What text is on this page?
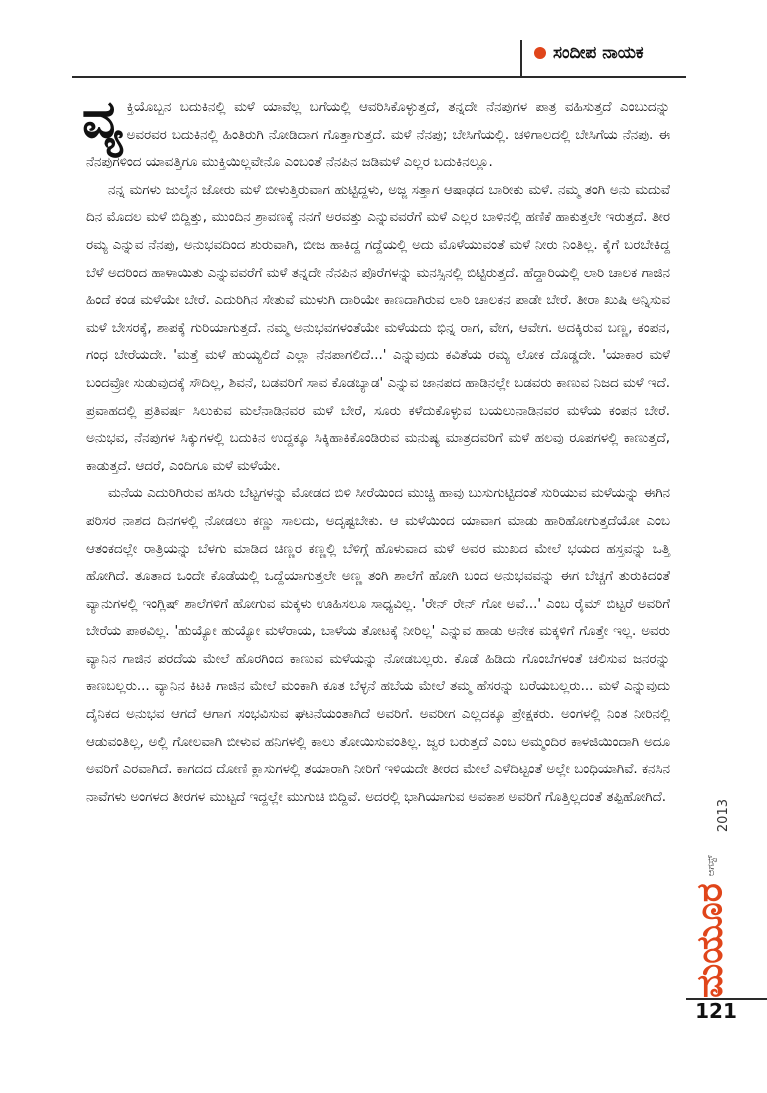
ಸಂದೀಪ ನಾಯಕ

ವ್ಯ ಕ್ತಿಯೊಬ್ಬನ ಬದುಕಿನಲ್ಲಿ ಮಳೆ ಯಾವೆಲ್ಲ ಬಗೆಯಲ್ಲಿ ಆವರಿಸಿಕೊಳ್ಳುತ್ತದೆ, ತನ್ನದೇ ನೆನಪುಗಳ ಪಾತ್ರ ವಹಿಸುತ್ತದೆ ಎಂಬುದನ್ನು ಅವರವರ ಬದುಕಿನಲ್ಲಿ ಹಿಂತಿರುಗಿ ನೋಡಿದಾಗ ಗೊತ್ತಾಗುತ್ತದೆ. ಮಳೆ ನೆನಪು; ಬೇಸಿಗೆಯಲ್ಲಿ. ಚಳಿಗಾಲದಲ್ಲಿ ಬೇಸಿಗೆಯ ನೆನಪು. ಈ ನೆನಪುಗಳಿಂದ ಯಾವತ್ತಿಗೂ ಮುಕ್ತಿಯಿಲ್ಲವೇನೊ ಎಂಬಂತೆ ನೆನಪಿನ ಜಡಿಮಳೆ ಎಲ್ಲರ ಬದುಕಿನಲ್ಲೂ.

ನನ್ನ ಮಗಳು ಜುಲೈನ ಜೋರು ಮಳೆ ಬೀಳುತ್ತಿರುವಾಗ ಹುಟ್ಟಿದ್ದಳು, ಅಜ್ಜ ಸತ್ತಾಗ ಆಷಾಢದ ಬಾರೀಕು ಮಳೆ. ನಮ್ಮ ತಂಗಿ ಅನು ಮದುವೆ ದಿನ ಮೊದಲ ಮಳೆ ಬಿದ್ದಿತ್ತು, ಮುಂದಿನ ಶ್ರಾವಣಕ್ಕೆ ನನಗೆ ಅರವತ್ತು ಎನ್ನುವವರೆಗೆ ಮಳೆ ಎಲ್ಲರ ಬಾಳಿನಲ್ಲಿ ಹಣಿಕೆ ಹಾಕುತ್ತಲೇ ಇರುತ್ತದೆ. ತೀರ ರಮ್ಯ ಎನ್ನುವ ನೆನಪು, ಅನುಭವದಿಂದ ಶುರುವಾಗಿ, ಬೀಜ ಹಾಕಿದ್ದ ಗದ್ದೆಯಲ್ಲಿ ಅದು ಮೊಳೆಯುವಂತೆ ಮಳೆ ನೀರು ನಿಂತಿಲ್ಲ. ಕೈಗೆ ಬರಬೇಕಿದ್ದ ಬೆಳೆ ಅದರಿಂದ ಹಾಳಾಯಿತು ಎನ್ನುವವರೆಗೆ ಮಳೆ ತನ್ನದೇ ನೆನಪಿನ ಪೊರೆಗಳನ್ನು ಮನಸ್ಸಿನಲ್ಲಿ ಬಿಟ್ಟಿರುತ್ತದೆ. ಹೆದ್ದಾರಿಯಲ್ಲಿ ಲಾರಿ ಚಾಲಕ ಗಾಜಿನ ಹಿಂದೆ ಕಂಡ ಮಳೆಯೇ ಬೇರೆ. ಎದುರಿಗಿನ ಸೇತುವೆ ಮುಳುಗಿ ದಾರಿಯೇ ಕಾಣದಾಗಿರುವ ಲಾರಿ ಚಾಲಕನ ಪಾಡೇ ಬೇರೆ. ತೀರಾ ಖುಷಿ ಅನ್ನಿಸುವ ಮಳೆ ಬೇಸರಕ್ಕೆ, ಶಾಪಕ್ಕೆ ಗುರಿಯಾಗುತ್ತದೆ. ನಮ್ಮ ಅನುಭವಗಳಂತೆಯೇ ಮಳೆಯದು ಭಿನ್ನ ರಾಗ, ವೇಗ, ಆವೇಗ. ಅದಕ್ಕಿರುವ ಬಣ್ಣ, ಕಂಪನ, ಗಂಧ ಬೇರೆಯದೇ. 'ಮತ್ತೆ ಮಳೆ ಹುಯ್ಯಲಿದೆ ಎಲ್ಲಾ ನೆನಪಾಗಲಿದೆ...' ಎನ್ನುವುದು ಕವಿತೆಯ ರಮ್ಯ ಲೋಕ ದೊಡ್ಡದೇ. 'ಯಾಕಾರ ಮಳೆ ಬಂದವ್ರೋ ಸುಡುವುದಕ್ಕೆ ಸೌದಿಲ್ಲ, ಶಿವನೆ, ಬಡವರಿಗೆ ಸಾವ ಕೊಡಬ್ಯಾಡ' ಎನ್ನುವ ಜಾನಪದ ಹಾಡಿನಲ್ಲೇ ಬಡವರು ಕಾಣುವ ನಿಜದ ಮಳೆ ಇದೆ. ಪ್ರವಾಹದಲ್ಲಿ ಪ್ರತಿವರ್ಷ ಸಿಲುಕುವ ಮಲೆನಾಡಿನವರ ಮಳೆ ಬೇರೆ, ಸೂರು ಕಳೆದುಕೊಳ್ಳುವ ಬಯಲುನಾಡಿನವರ ಮಳೆಯ ಕಂಪನ ಬೇರೆ. ಅನುಭವ, ನೆನಪುಗಳ ಸಿಕ್ಕುಗಳಲ್ಲಿ ಬದುಕಿನ ಉದ್ದಕ್ಕೂ ಸಿಕ್ಕಿಹಾಕಿಕೊಂಡಿರುವ ಮನುಷ್ಯ ಮಾತ್ರದವರಿಗೆ ಮಳೆ ಹಲವು ರೂಪಗಳಲ್ಲಿ ಕಾಣುತ್ತದೆ, ಕಾಡುತ್ತದೆ. ಆದರೆ, ಎಂದಿಗೂ ಮಳೆ ಮಳೆಯೇ.

ಮನೆಯ ಎದುರಿಗಿರುವ ಹಸಿರು ಬೆಟ್ಟಗಳನ್ನು ಮೋಡದ ಬಿಳಿ ಸೀರೆಯಿಂದ ಮುಚ್ಚಿ ಹಾವು ಬುಸುಗುಟ್ಟಿದಂತೆ ಸುರಿಯುವ ಮಳೆಯನ್ನು ಈಗಿನ ಪರಿಸರ ನಾಶದ ದಿನಗಳಲ್ಲಿ ನೋಡಲು ಕಣ್ಣು ಸಾಲದು, ಅದೃಷ್ಟಬೇಕು. ಆ ಮಳೆಯಿಂದ ಯಾವಾಗ ಮಾಡು ಹಾರಿಹೋಗುತ್ತದೆಯೋ ಎಂಬ ಆತಂಕದಲ್ಲೇ ರಾತ್ರಿಯನ್ನು ಬೆಳಗು ಮಾಡಿದ ಚಿಣ್ಣರ ಕಣ್ಣಲ್ಲಿ ಬೆಳಿಗ್ಗೆ ಹೊಳುವಾದ ಮಳೆ ಅವರ ಮುಖದ ಮೇಲೆ ಭಯದ ಹಸ್ತವನ್ನು ಒತ್ತಿ ಹೋಗಿದೆ. ತೂತಾದ ಒಂದೇ ಕೊಡೆಯಲ್ಲಿ ಒದ್ದೆಯಾಗುತ್ತಲೇ ಅಣ್ಣ ತಂಗಿ ಶಾಲೆಗೆ ಹೋಗಿ ಬಂದ ಅನುಭವವನ್ನು ಈಗ ಬೆಚ್ಚಗೆ ತುರುಕಿದಂತೆ ವ್ಯಾನುಗಳಲ್ಲಿ ಇಂಗ್ಲಿಷ್ ಶಾಲೆಗಳಿಗೆ ಹೋಗುವ ಮಕ್ಕಳು ಊಹಿಸಲೂ ಸಾಧ್ಯವಿಲ್ಲ. 'ರೇನ್ ರೇನ್ ಗೋ ಅವೆ...' ಎಂಬ ರೈಮ್ ಬಿಟ್ಟರೆ ಅವರಿಗೆ ಬೇರೆಯ ಪಾಠವಿಲ್ಲ. 'ಹುಯ್ಯೋ ಹುಯ್ಯೋ ಮಳೆರಾಯ, ಬಾಳೆಯ ತೋಟಕ್ಕೆ ನೀರಿಲ್ಲ' ಎನ್ನುವ ಹಾಡು ಅನೇಕ ಮಕ್ಕಳಿಗೆ ಗೊತ್ತೇ ಇಲ್ಲ. ಅವರು ವ್ಯಾನಿನ ಗಾಜಿನ ಪರದೆಯ ಮೇಲೆ ಹೊರಗಿಂದ ಕಾಣುವ ಮಳೆಯನ್ನು ನೋಡಬಲ್ಲರು. ಕೊಡೆ ಹಿಡಿದು ಗೊಂಬೆಗಳಂತೆ ಚಲಿಸುವ ಜನರನ್ನು ಕಾಣಬಲ್ಲರು... ವ್ಯಾನಿನ ಕಿಟಕಿ ಗಾಜಿನ ಮೇಲೆ ಮಂಕಾಗಿ ಕೂತ ಬೆಳ್ಳನೆ ಹಬೆಯ ಮೇಲೆ ತಮ್ಮ ಹೆಸರನ್ನು ಬರೆಯಬಲ್ಲರು... ಮಳೆ ಎನ್ನುವುದು ದೈನಿಕದ ಅನುಭವ ಆಗದೆ ಆಗಾಗ ಸಂಭವಿಸುವ ಘಟನೆಯಂತಾಗಿದೆ ಅವರಿಗೆ. ಅವರೀಗ ಎಲ್ಲದಕ್ಕೂ ಪ್ರೇಕ್ಷಕರು. ಅಂಗಳಲ್ಲಿ ನಿಂತ ನೀರಿನಲ್ಲಿ ಆಡುವಂತಿಲ್ಲ, ಅಲ್ಲಿ ಗೋಲವಾಗಿ ಬೀಳುವ ಹನಿಗಳಲ್ಲಿ ಕಾಲು ತೋಯಿಸುವಂತಿಲ್ಲ. ಜ್ವರ ಬರುತ್ತದೆ ಎಂಬ ಅಮ್ಮಂದಿರ ಕಾಳಜಿಯಿಂದಾಗಿ ಅದೂ ಅವರಿಗೆ ಎರವಾಗಿದೆ. ಕಾಗದದ ದೋಣಿ ಕ್ಲಾಸುಗಳಲ್ಲಿ ತಯಾರಾಗಿ ನೀರಿಗೆ ಇಳಿಯದೇ ತೀರದ ಮೇಲೆ ಎಳೆದಿಟ್ಟಂತೆ ಅಲ್ಲೇ ಬಂಧಿಯಾಗಿವೆ. ಕನಸಿನ ನಾವೆಗಳು ಅಂಗಳದ ತೀರಗಳ ಮುಟ್ಟದೆ ಇದ್ದಲ್ಲೇ ಮುಗುಚಿ ಬಿದ್ದಿವೆ. ಅದರಲ್ಲಿ ಭಾಗಿಯಾಗುವ ಅವಕಾಶ ಅವರಿಗೆ ಗೊತ್ತಿಲ್ಲದಂತೆ ತಪ್ಪಿಹೋಗಿದೆ.

2013
ಆಗಸ್ಟ್
ಮಯೂರ
121
